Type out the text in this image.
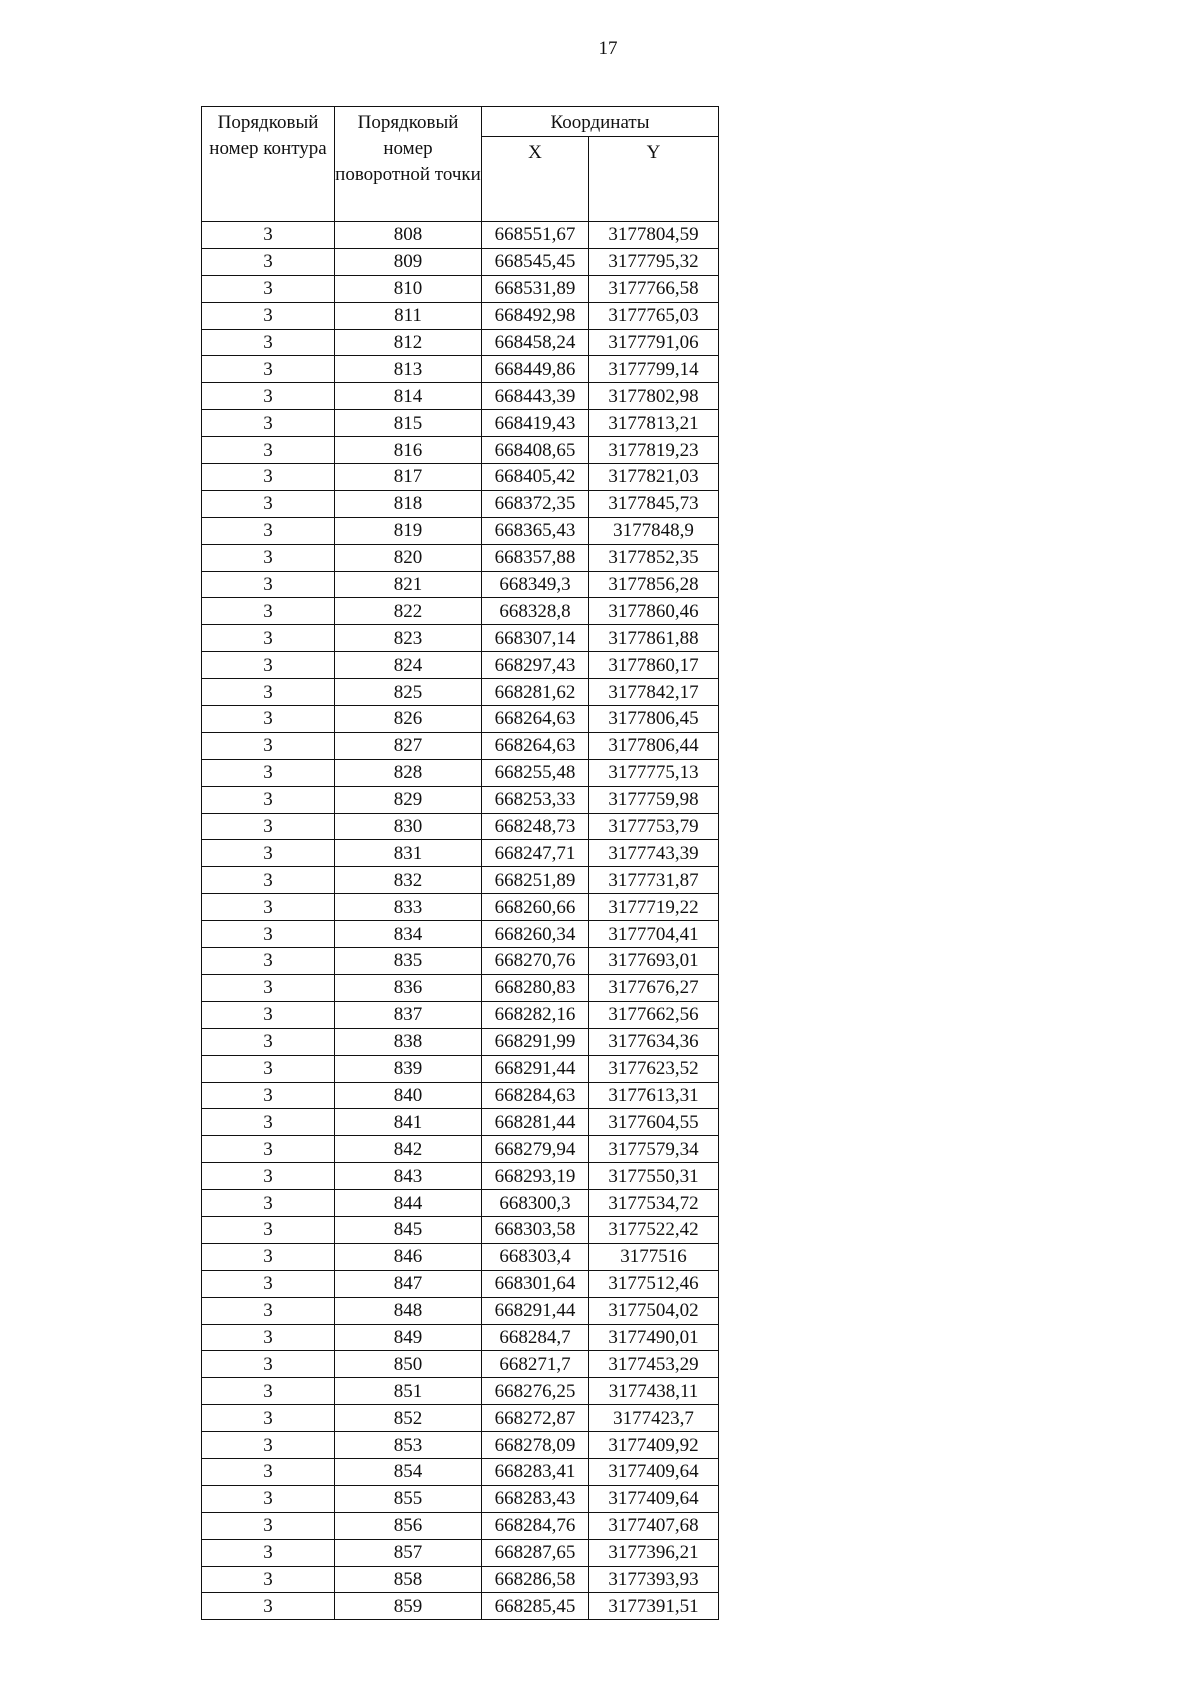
17
Порядковый номер контура	Порядковый номер поворотной точки	Координаты	
		X	Y
3	808	668551,67	3177804,59
3	809	668545,45	3177795,32
3	810	668531,89	3177766,58
3	811	668492,98	3177765,03
3	812	668458,24	3177791,06
3	813	668449,86	3177799,14
3	814	668443,39	3177802,98
3	815	668419,43	3177813,21
3	816	668408,65	3177819,23
3	817	668405,42	3177821,03
3	818	668372,35	3177845,73
3	819	668365,43	3177848,9
3	820	668357,88	3177852,35
3	821	668349,3	3177856,28
3	822	668328,8	3177860,46
3	823	668307,14	3177861,88
3	824	668297,43	3177860,17
3	825	668281,62	3177842,17
3	826	668264,63	3177806,45
3	827	668264,63	3177806,44
3	828	668255,48	3177775,13
3	829	668253,33	3177759,98
3	830	668248,73	3177753,79
3	831	668247,71	3177743,39
3	832	668251,89	3177731,87
3	833	668260,66	3177719,22
3	834	668260,34	3177704,41
3	835	668270,76	3177693,01
3	836	668280,83	3177676,27
3	837	668282,16	3177662,56
3	838	668291,99	3177634,36
3	839	668291,44	3177623,52
3	840	668284,63	3177613,31
3	841	668281,44	3177604,55
3	842	668279,94	3177579,34
3	843	668293,19	3177550,31
3	844	668300,3	3177534,72
3	845	668303,58	3177522,42
3	846	668303,4	3177516
3	847	668301,64	3177512,46
3	848	668291,44	3177504,02
3	849	668284,7	3177490,01
3	850	668271,7	3177453,29
3	851	668276,25	3177438,11
3	852	668272,87	3177423,7
3	853	668278,09	3177409,92
3	854	668283,41	3177409,64
3	855	668283,43	3177409,64
3	856	668284,76	3177407,68
3	857	668287,65	3177396,21
3	858	668286,58	3177393,93
3	859	668285,45	3177391,51
